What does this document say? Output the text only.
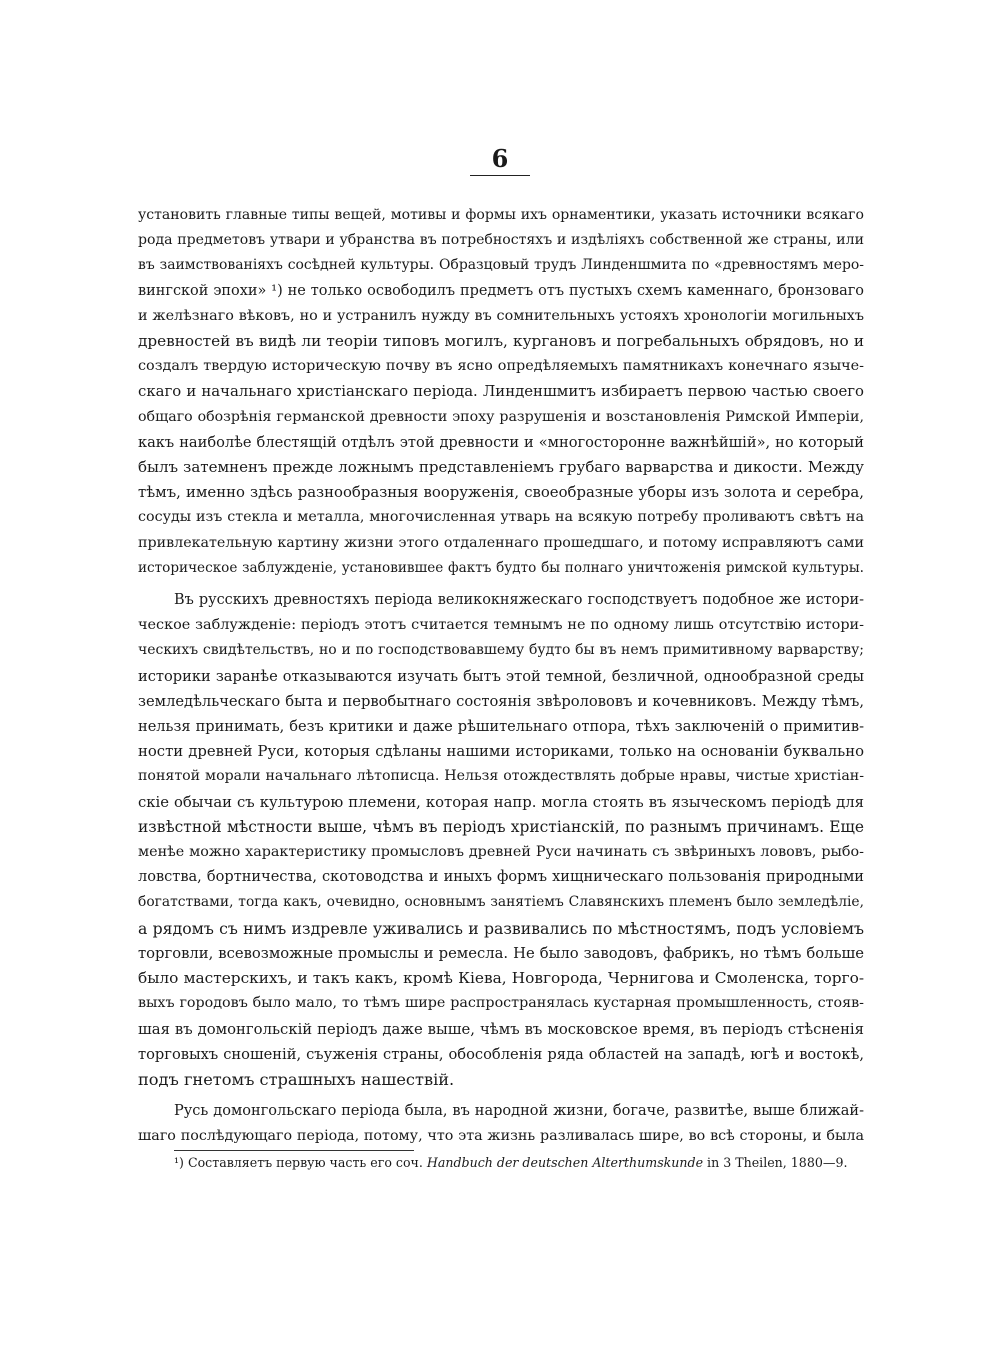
6
установить главные типы вещей, мотивы и формы ихъ орнаментики, указать источники всякаго
рода предметовъ утвари и убранства въ потребностяхъ и издѣліяхъ собственной же страны, или
въ заимствованіяхъ сосѣдней культуры. Образцовый трудъ Линденшмита по «древностямъ меро-
вингской эпохи» ¹) не только освободилъ предметъ отъ пустыхъ схемъ каменнаго, бронзоваго
и желѣзнаго вѣковъ, но и устранилъ нужду въ сомнительныхъ устояхъ хронологіи могильныхъ
древностей въ видѣ ли теоріи типовъ могилъ, кургановъ и погребальныхъ обрядовъ, но и
создалъ твердую историческую почву въ ясно опредѣляемыхъ памятникахъ конечнаго языче-
скаго и начальнаго христіанскаго періода. Линденшмитъ избираетъ первою частью своего
общаго обозрѣнія германской древности эпоху разрушенія и возстановленія Римской Имперіи,
какъ наиболѣе блестящій отдѣлъ этой древности и «многосторонне важнѣйшій», но который
былъ затемненъ прежде ложнымъ представленіемъ грубаго варварства и дикости. Между
тѣмъ, именно здѣсь разнообразныя вооруженія, своеобразные уборы изъ золота и серебра,
сосуды изъ стекла и металла, многочисленная утварь на всякую потребу проливаютъ свѣтъ на
привлекательную картину жизни этого отдаленнаго прошедшаго, и потому исправляютъ сами
историческое заблужденіе, установившее фактъ будто бы полнаго уничтоженія римской культуры.
Въ русскихъ древностяхъ періода великокняжескаго господствуетъ подобное же истори-
ческое заблужденіе: періодъ этотъ считается темнымъ не по одному лишь отсутствію истори-
ческихъ свидѣтельствъ, но и по господствовавшему будто бы въ немъ примитивному варварству;
историки заранѣе отказываются изучать бытъ этой темной, безличной, однообразной среды
земледѣльческаго быта и первобытнаго состоянія звѣролововъ и кочевниковъ. Между тѣмъ,
нельзя принимать, безъ критики и даже рѣшительнаго отпора, тѣхъ заключеній о примитив-
ности древней Руси, которыя сдѣланы нашими историками, только на основаніи буквально
понятой морали начальнаго лѣтописца. Нельзя отождествлять добрые нравы, чистые христіан-
скіе обычаи съ культурою племени, которая напр. могла стоять въ языческомъ періодѣ для
извѣстной мѣстности выше, чѣмъ въ періодъ христіанскій, по разнымъ причинамъ. Еще
менѣе можно характеристику промысловъ древней Руси начинать съ звѣриныхъ лововъ, рыбо-
ловства, бортничества, скотоводства и иныхъ формъ хищническаго пользованія природными
богатствами, тогда какъ, очевидно, основнымъ занятіемъ Славянскихъ племенъ было земледѣліе,
а рядомъ съ нимъ издревле уживались и развивались по мѣстностямъ, подъ условіемъ
торговли, всевозможные промыслы и ремесла. Не было заводовъ, фабрикъ, но тѣмъ больше
было мастерскихъ, и такъ какъ, кромѣ Кіева, Новгорода, Чернигова и Смоленска, торго-
выхъ городовъ было мало, то тѣмъ шире распространялась кустарная промышленность, стояв-
шая въ домонгольскій періодъ даже выше, чѣмъ въ московское время, въ періодъ стѣсненія
торговыхъ сношеній, съуженія страны, обособленія ряда областей на западѣ, югѣ и востокѣ,
подъ гнетомъ страшныхъ нашествій.
Русь домонгольскаго періода была, въ народной жизни, богаче, развитѣе, выше ближай-
шаго послѣдующаго періода, потому, что эта жизнь разливалась шире, во всѣ стороны, и была
¹) Составляетъ первую часть его соч. Handbuch der deutschen Alterthumskunde in 3 Theilen, 1880—9.
